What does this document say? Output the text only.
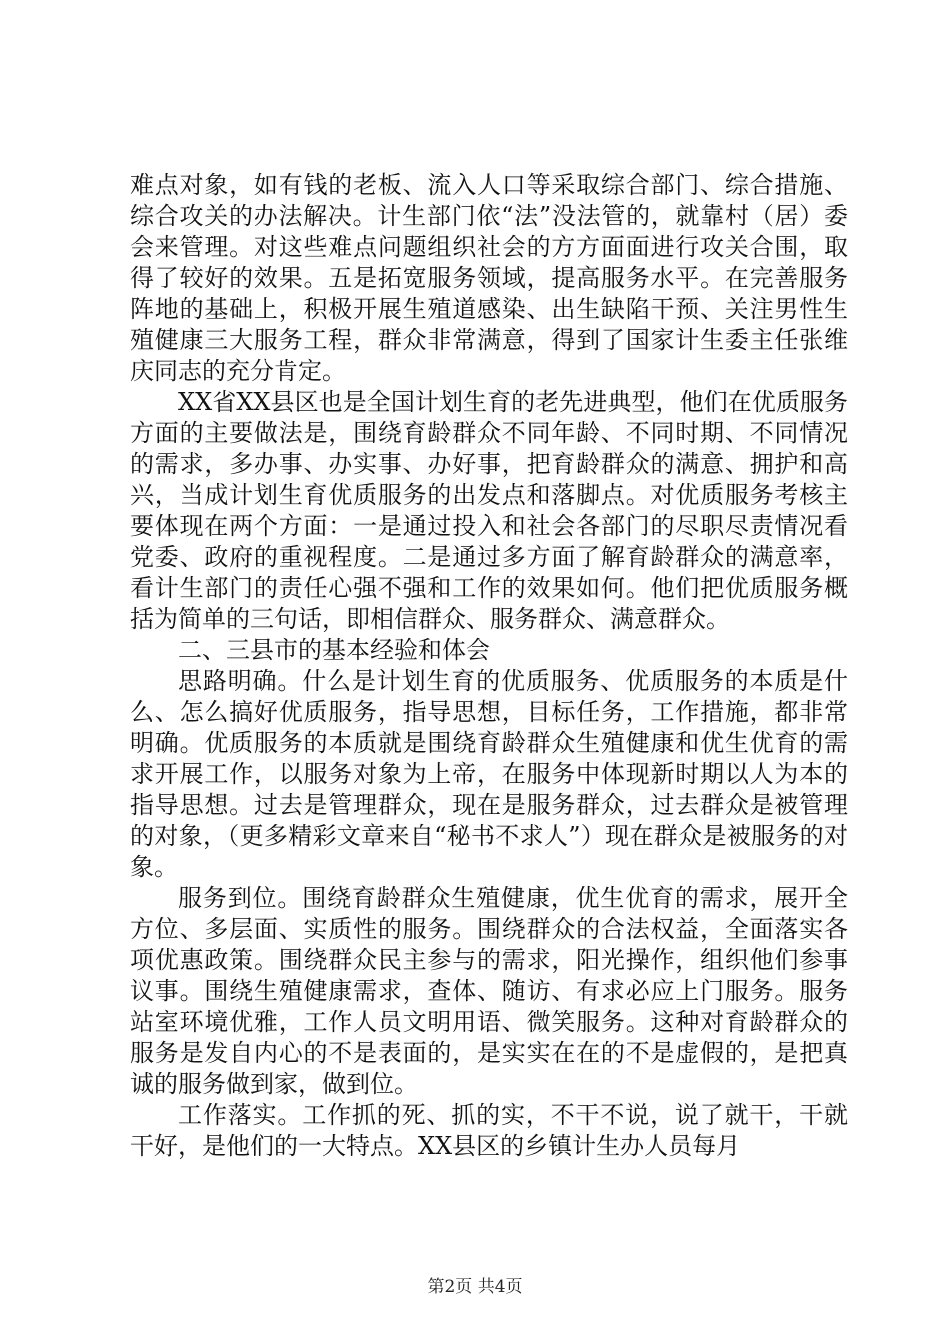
难点对象，如有钱的老板、流入人口等采取综合部门、综合措施、综合攻关的办法解决。计生部门依“法”没法管的，就靠村（居）委会来管理。对这些难点问题组织社会的方方面面进行攻关合围，取得了较好的效果。五是拓宽服务领域，提高服务水平。在完善服务阵地的基础上，积极开展生殖道感染、出生缺陷干预、关注男性生殖健康三大服务工程，群众非常满意，得到了国家计生委主任张维庆同志的充分肯定。

XX省XX县区也是全国计划生育的老先进典型，他们在优质服务方面的主要做法是，围绕育龄群众不同年龄、不同时期、不同情况的需求，多办事、办实事、办好事，把育龄群众的满意、拥护和高兴，当成计划生育优质服务的出发点和落脚点。对优质服务考核主要体现在两个方面：一是通过投入和社会各部门的尽职尽责情况看党委、政府的重视程度。二是通过多方面了解育龄群众的满意率，看计生部门的责任心强不强和工作的效果如何。他们把优质服务概括为简单的三句话，即相信群众、服务群众、满意群众。

二、三县市的基本经验和体会

思路明确。什么是计划生育的优质服务、优质服务的本质是什么、怎么搞好优质服务，指导思想，目标任务，工作措施，都非常明确。优质服务的本质就是围绕育龄群众生殖健康和优生优育的需求开展工作，以服务对象为上帝，在服务中体现新时期以人为本的指导思想。过去是管理群众，现在是服务群众，过去群众是被管理的对象，（更多精彩文章来自“秘书不求人”）现在群众是被服务的对象。

服务到位。围绕育龄群众生殖健康，优生优育的需求，展开全方位、多层面、实质性的服务。围绕群众的合法权益，全面落实各项优惠政策。围绕群众民主参与的需求，阳光操作，组织他们参事议事。围绕生殖健康需求，查体、随访、有求必应上门服务。服务站室环境优雅，工作人员文明用语、微笑服务。这种对育龄群众的服务是发自内心的不是表面的，是实实在在的不是虚假的，是把真诚的服务做到家，做到位。

工作落实。工作抓的死、抓的实，不干不说，说了就干，干就干好，是他们的一大特点。XX县区的乡镇计生办人员每月

第2页 共4页
